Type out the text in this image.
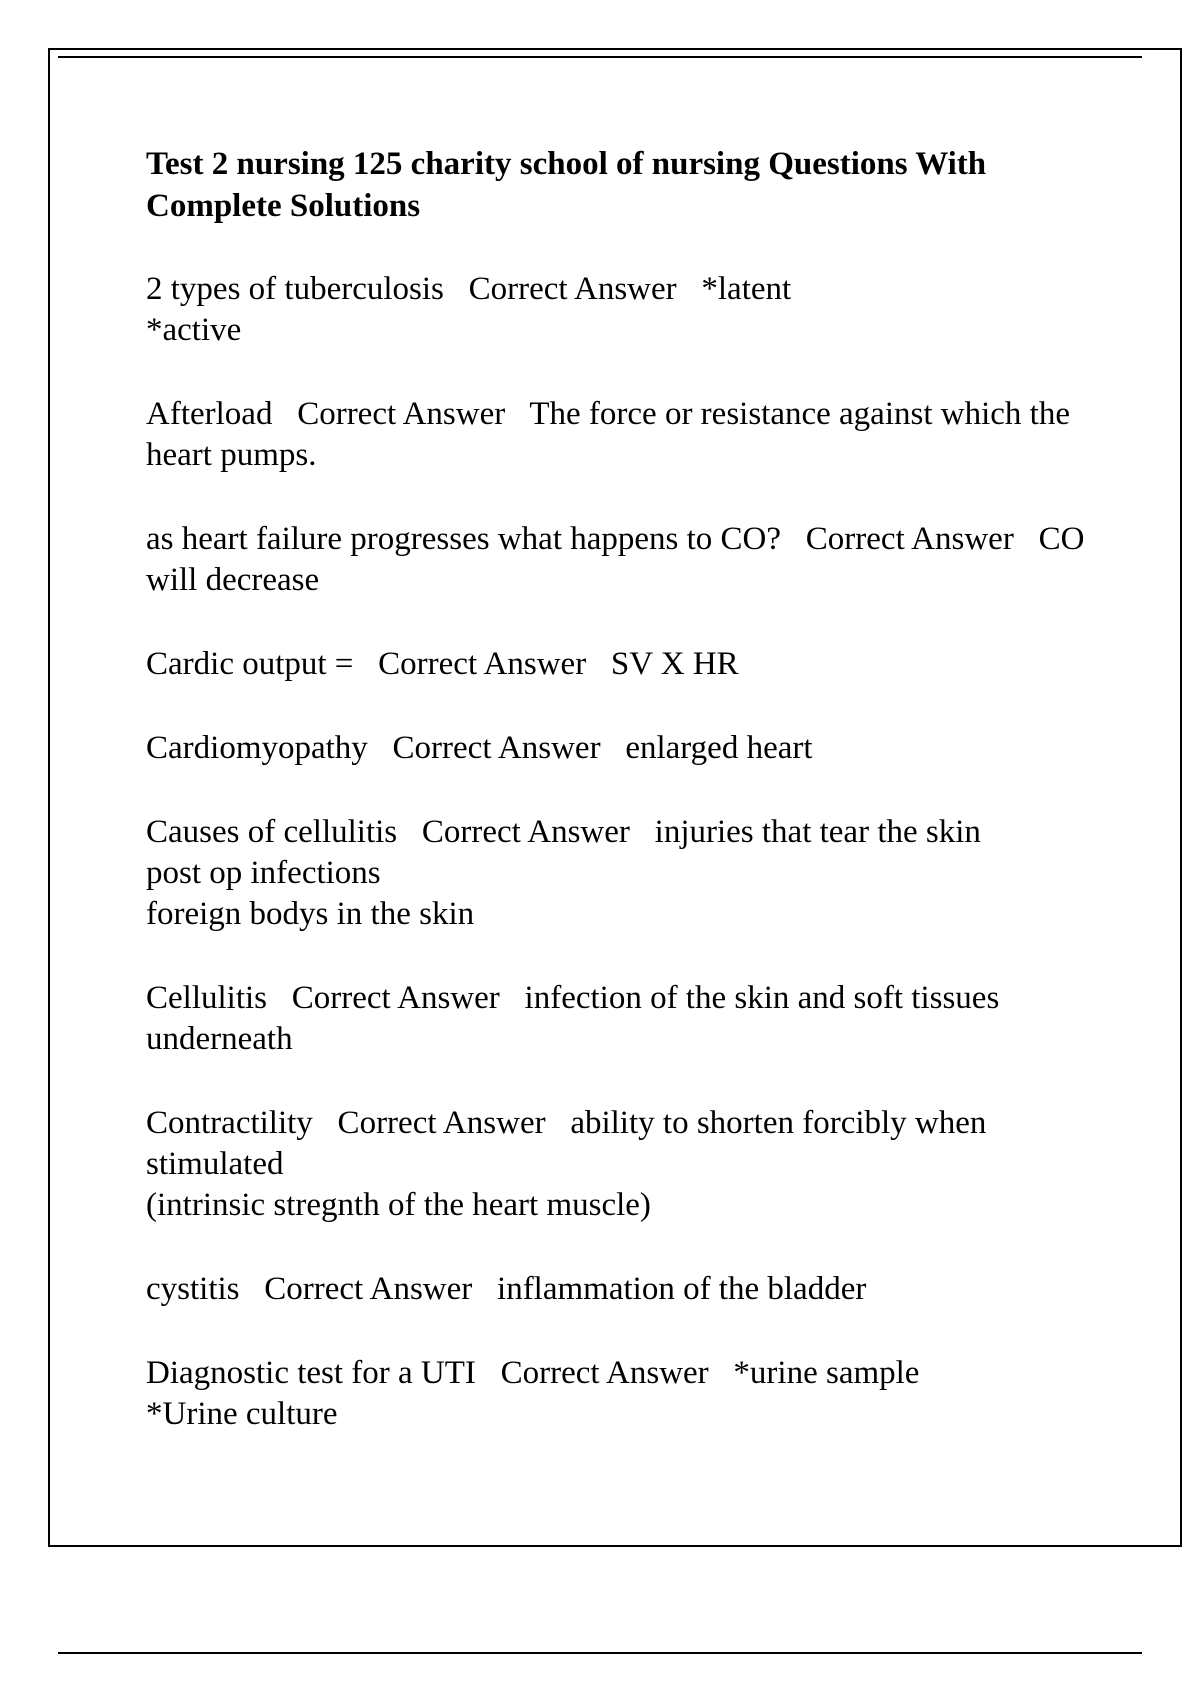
Test 2 nursing 125 charity school of nursing Questions With Complete Solutions
2 types of tuberculosis   Correct Answer   *latent
*active
Afterload   Correct Answer   The force or resistance against which the heart pumps.
as heart failure progresses what happens to CO?   Correct Answer   CO will decrease
Cardic output =   Correct Answer   SV X HR
Cardiomyopathy   Correct Answer   enlarged heart
Causes of cellulitis   Correct Answer   injuries that tear the skin
post op infections
foreign bodys in the skin
Cellulitis   Correct Answer   infection of the skin and soft tissues underneath
Contractility   Correct Answer   ability to shorten forcibly when stimulated
(intrinsic stregnth of the heart muscle)
cystitis   Correct Answer   inflammation of the bladder
Diagnostic test for a UTI   Correct Answer   *urine sample
*Urine culture
